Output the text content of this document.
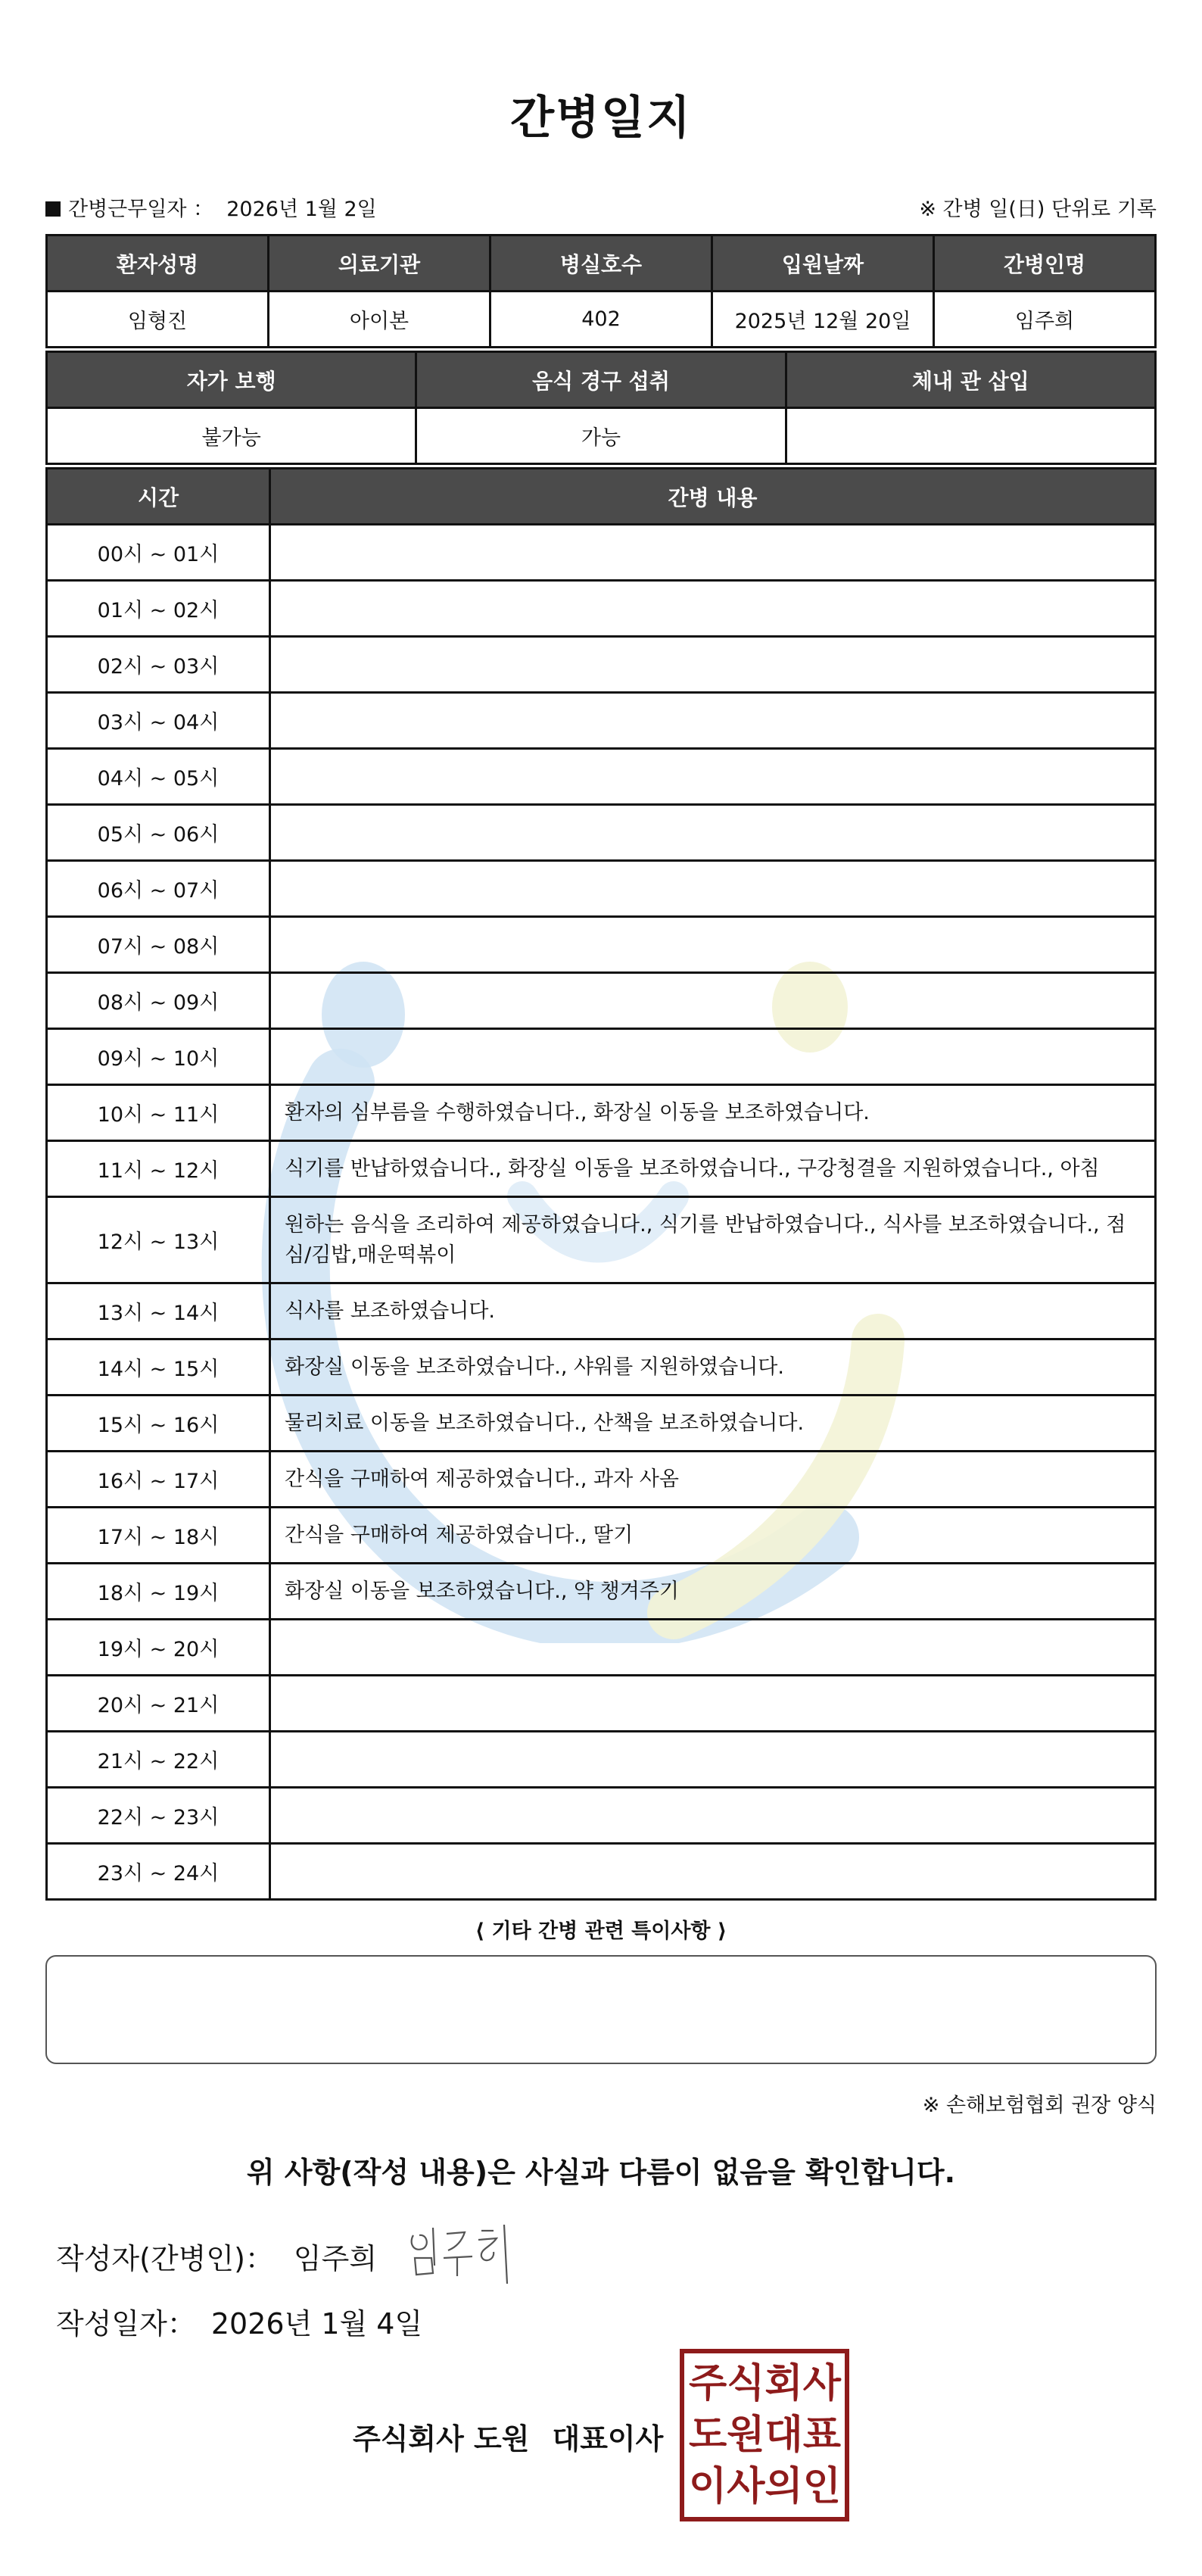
간병일지
간병근무일자 ： 2026년 1월 2일	※ 간병 일(日) 단위로 기록
환자성명	의료기관	병실호수	입원날짜	간병인명
임형진	아이본	402	2025년 12월 20일	임주희
자가 보행	음식 경구 섭취	체내 관 삽입
불가능	가능	
시간	간병 내용
00시 ~ 01시	
01시 ~ 02시	
02시 ~ 03시	
03시 ~ 04시	
04시 ~ 05시	
05시 ~ 06시	
06시 ~ 07시	
07시 ~ 08시	
08시 ~ 09시	
09시 ~ 10시	
10시 ~ 11시	환자의 심부름을 수행하였습니다., 화장실 이동을 보조하였습니다.
11시 ~ 12시	식기를 반납하였습니다., 화장실 이동을 보조하였습니다., 구강청결을 지원하였습니다., 아침
12시 ~ 13시	원하는 음식을 조리하여 제공하였습니다., 식기를 반납하였습니다., 식사를 보조하였습니다., 점심/김밥,매운떡볶이
13시 ~ 14시	식사를 보조하였습니다.
14시 ~ 15시	화장실 이동을 보조하였습니다., 샤워를 지원하였습니다.
15시 ~ 16시	물리치료 이동을 보조하였습니다., 산책을 보조하였습니다.
16시 ~ 17시	간식을 구매하여 제공하였습니다., 과자 사옴
17시 ~ 18시	간식을 구매하여 제공하였습니다., 딸기
18시 ~ 19시	화장실 이동을 보조하였습니다., 약 챙겨주기
19시 ~ 20시	
20시 ~ 21시	
21시 ~ 22시	
22시 ~ 23시	
23시 ~ 24시	
⟨ 기타 간병 관련 특이사항 ⟩
※ 손해보험협회 권장 양식
위 사항(작성 내용)은 사실과 다름이 없음을 확인합니다.
작성자(간병인)： 임주희
작성일자： 2026년 1월 4일
주식회사 도원 대표이사
주 식 회 사
도 원 대 표
이 사 의 인
